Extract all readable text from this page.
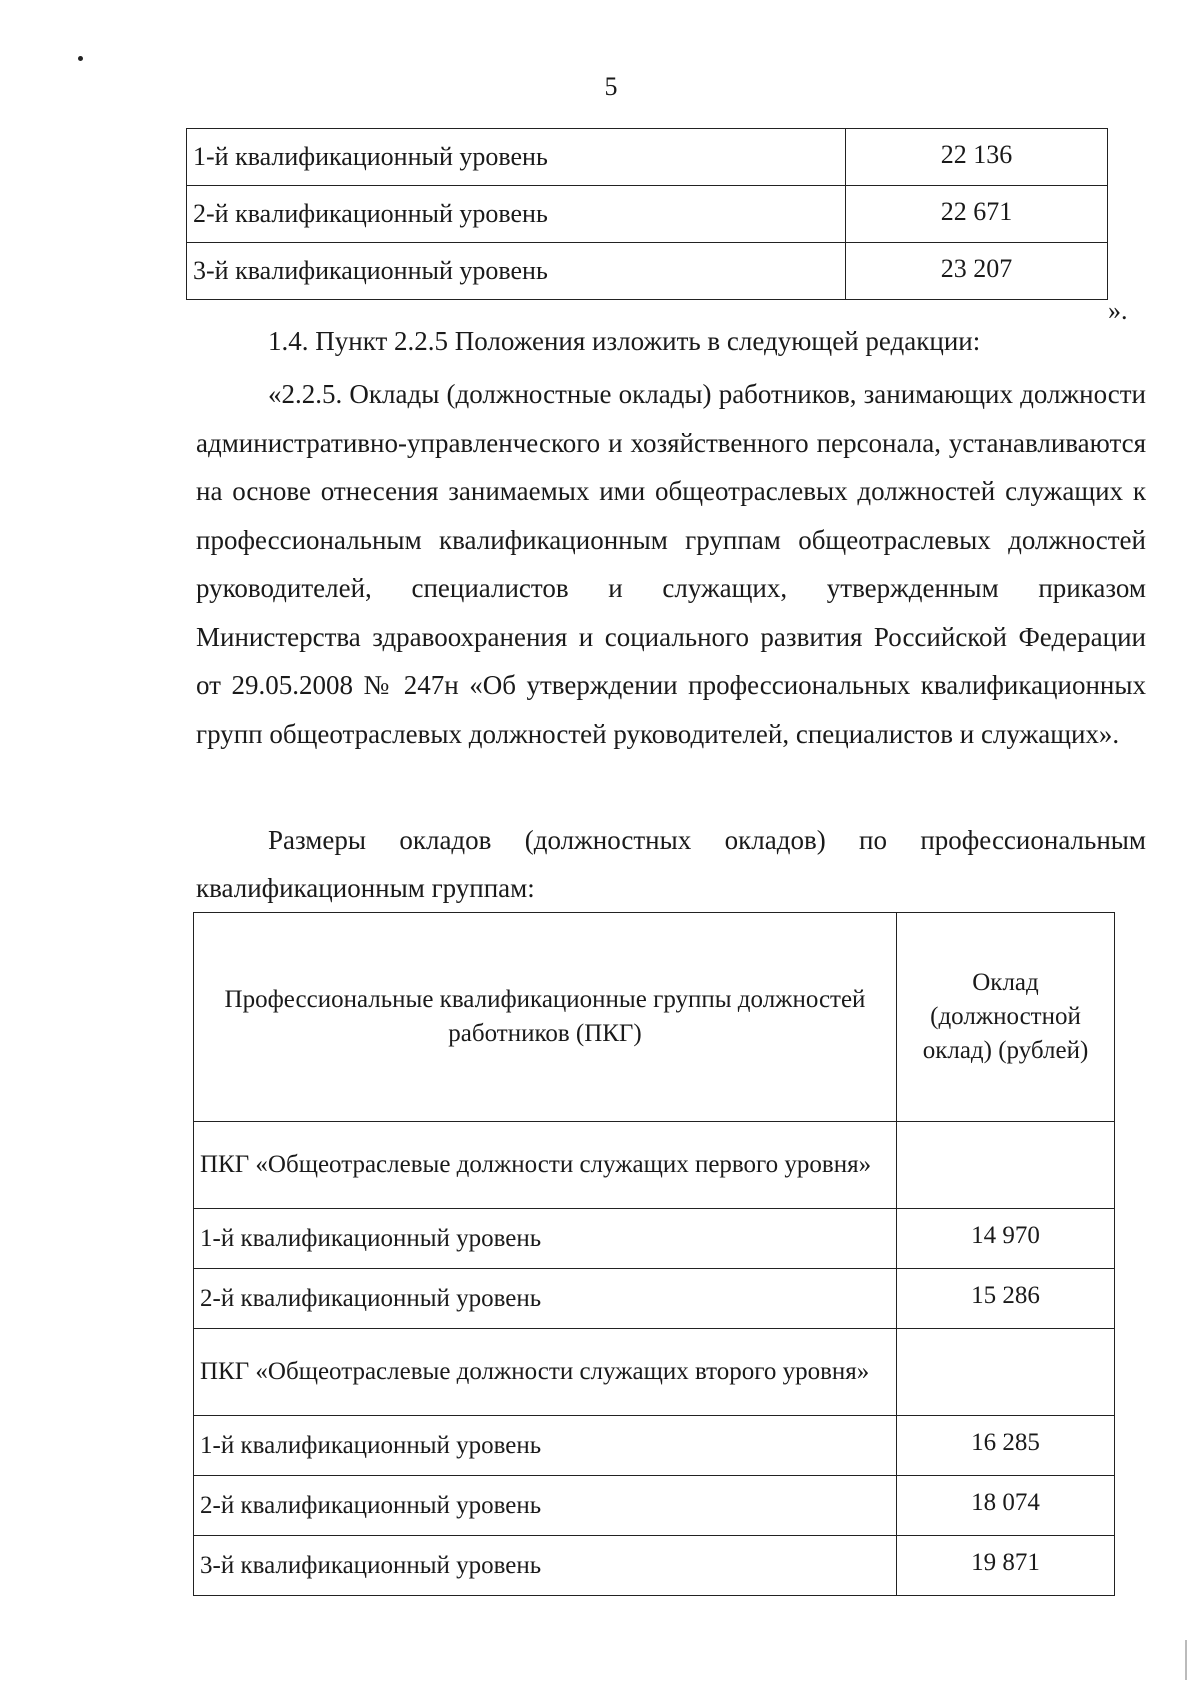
5
1-й квалификационный уровень	22 136
2-й квалификационный уровень	22 671
3-й квалификационный уровень	23 207
».
1.4. Пункт 2.2.5 Положения изложить в следующей редакции:
«2.2.5. Оклады (должностные оклады) работников, занимающих должности административно-управленческого и хозяйственного персонала, устанавливаются на основе отнесения занимаемых ими общеотраслевых должностей служащих к профессиональным квалификационным группам общеотраслевых должностей руководителей, специалистов и служащих, утвержденным приказом Министерства здравоохранения и социального развития Российской Федерации от 29.05.2008 № 247н «Об утверждении профессиональных квалификационных групп общеотраслевых должностей руководителей, специалистов и служащих».
Размеры окладов (должностных окладов) по профессиональным квалификационным группам:
Профессиональные квалификационные группы должностей работников (ПКГ)	Оклад (должностной оклад) (рублей)
ПКГ «Общеотраслевые должности служащих первого уровня»	
1-й квалификационный уровень	14 970
2-й квалификационный уровень	15 286
ПКГ «Общеотраслевые должности служащих второго уровня»	
1-й квалификационный уровень	16 285
2-й квалификационный уровень	18 074
3-й квалификационный уровень	19 871
